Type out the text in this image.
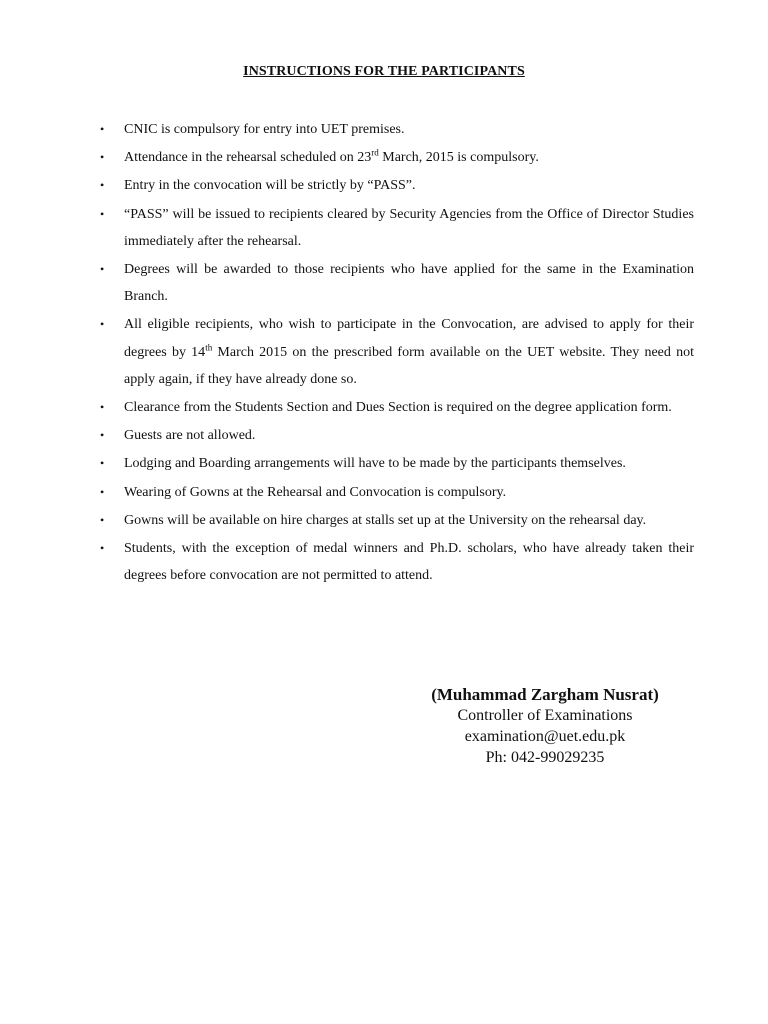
INSTRUCTIONS FOR THE PARTICIPANTS
• CNIC is compulsory for entry into UET premises.
• Attendance in the rehearsal scheduled on 23rd March, 2015 is compulsory.
• Entry in the convocation will be strictly by “PASS”.
• “PASS” will be issued to recipients cleared by Security Agencies from the Office of Director Studies immediately after the rehearsal.
• Degrees will be awarded to those recipients who have applied for the same in the Examination Branch.
• All eligible recipients, who wish to participate in the Convocation, are advised to apply for their degrees by 14th March 2015 on the prescribed form available on the UET website. They need not apply again, if they have already done so.
• Clearance from the Students Section and Dues Section is required on the degree application form.
• Guests are not allowed.
• Lodging and Boarding arrangements will have to be made by the participants themselves.
• Wearing of Gowns at the Rehearsal and Convocation is compulsory.
• Gowns will be available on hire charges at stalls set up at the University on the rehearsal day.
• Students, with the exception of medal winners and Ph.D. scholars, who have already taken their degrees before convocation are not permitted to attend.
(Muhammad Zargham Nusrat)
Controller of Examinations
examination@uet.edu.pk
Ph: 042-99029235
